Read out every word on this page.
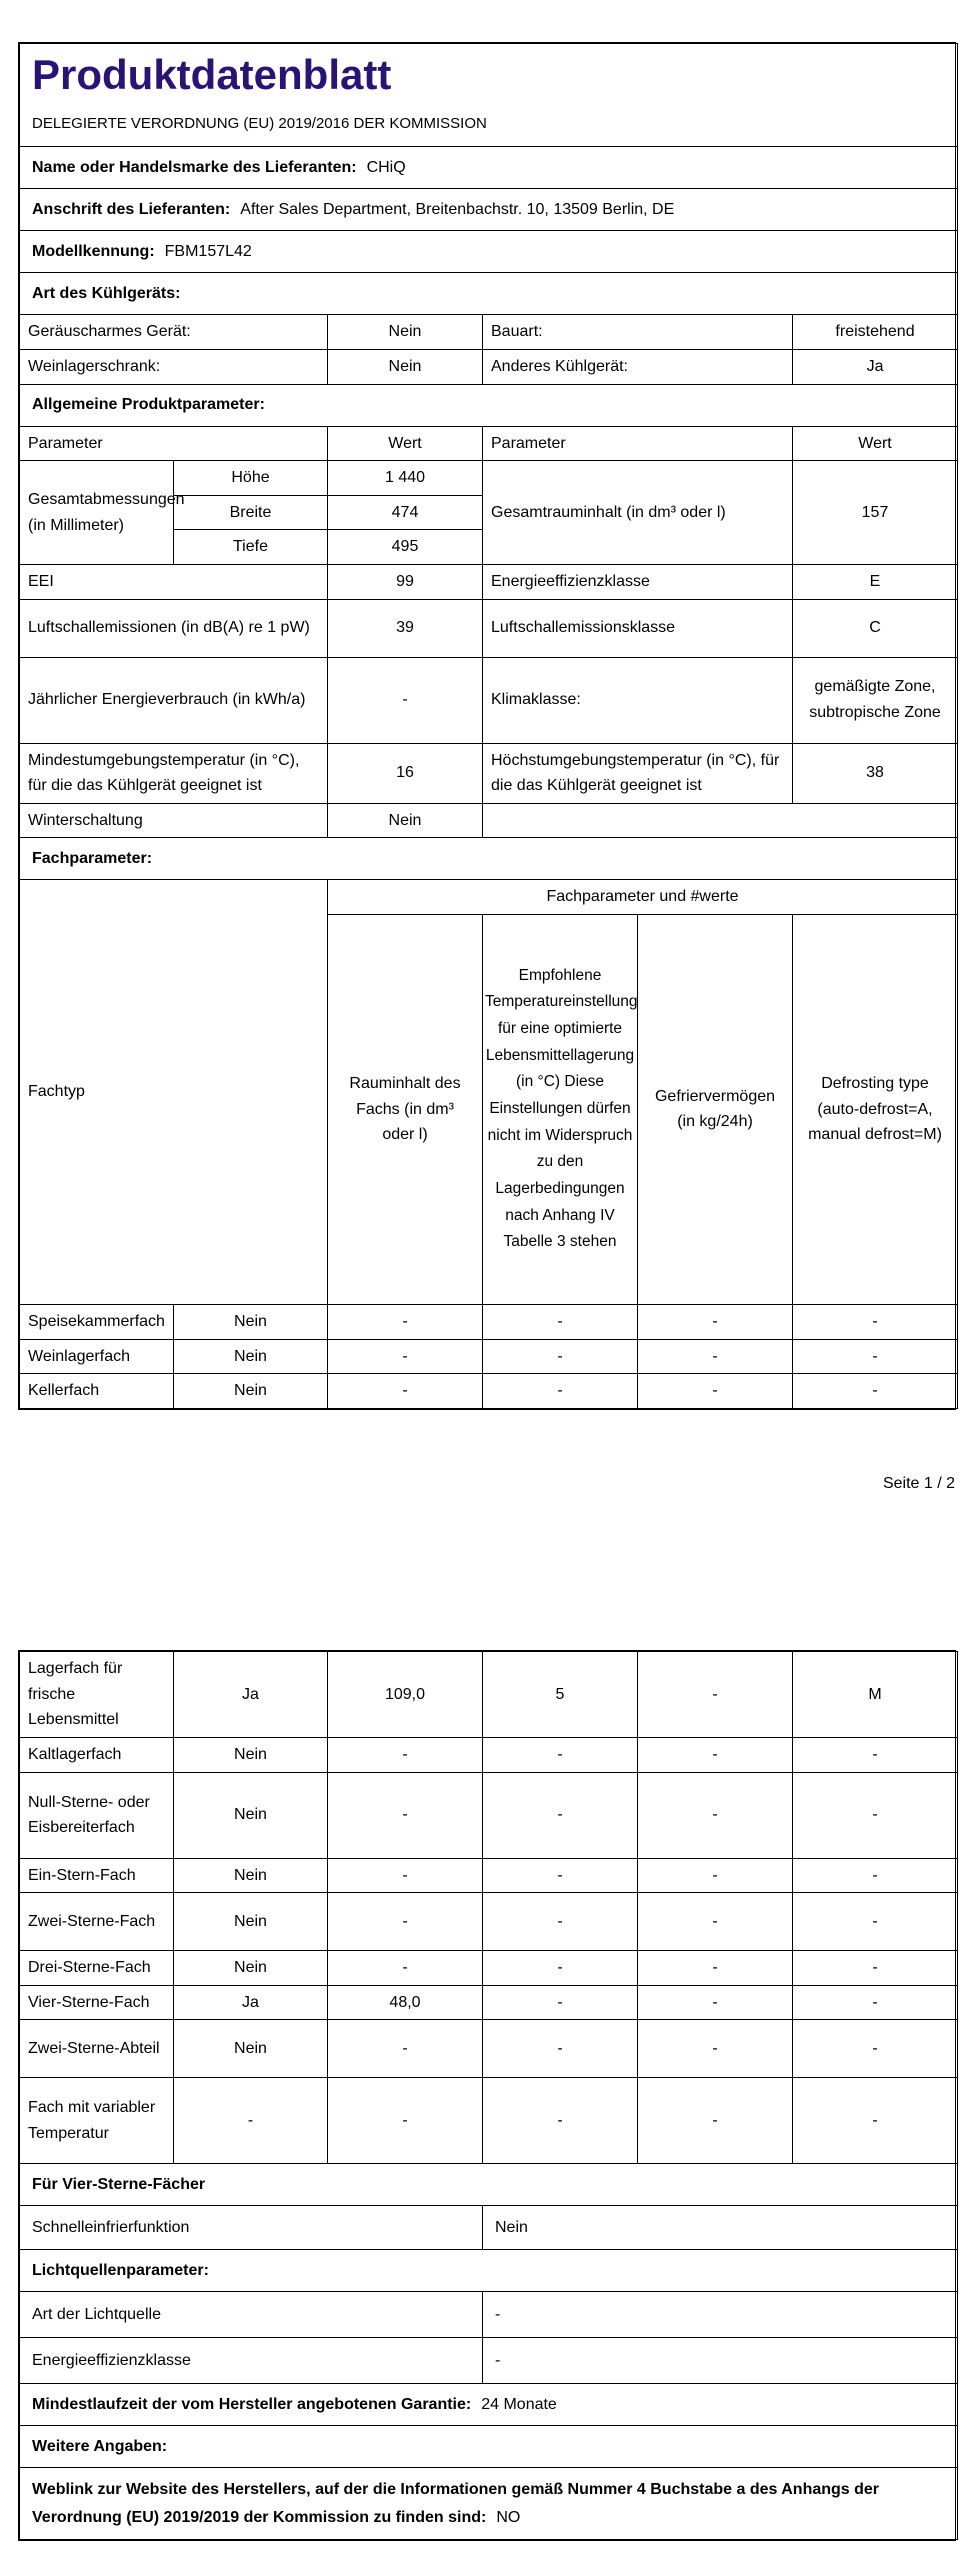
Produktdatenblatt
DELEGIERTE VERORDNUNG (EU) 2019/2016 DER KOMMISSION					

Name oder Handelsmarke des Lieferanten: CHiQ					
Anschrift des Lieferanten: After Sales Department, Breitenbachstr. 10, 13509 Berlin, DE					
Modellkennung: FBM157L42					
Art des Kühlgeräts:					
Geräuscharmes Gerät:		Nein	Bauart:		freistehend
Weinlagerschrank:		Nein	Anderes Kühlgerät:		Ja
Allgemeine Produktparameter:					
Parameter		Wert	Parameter		Wert
Gesamtabmessungen (in Millimeter)	Höhe	1 440	Gesamtrauminhalt (in dm³ oder l)		157
	Breite	474			
	Tiefe	495			
EEI		99	Energieeffizienzklasse		E
Luftschallemissionen (in dB(A) re 1 pW)		39	Luftschallemissionsklasse		C
Jährlicher Energieverbrauch (in kWh/a)		-	Klimaklasse:		gemäßigte Zone, subtropische Zone
Mindestumgebungstemperatur (in °C), für die das Kühlgerät geeignet ist		16	Höchstumgebungstemperatur (in °C), für die das Kühlgerät geeignet ist		38
Winterschaltung		Nein			
Fachparameter:					
Fachtyp		Fachparameter und #werte			
		Rauminhalt des Fachs (in dm³ oder l)	Empfohlene Temperatureinstellung für eine optimierte Lebensmittellagerung (in °C) Diese Einstellungen dürfen nicht im Widerspruch zu den Lagerbedingungen nach Anhang IV Tabelle 3 stehen	Gefriervermögen (in kg/24h)	Defrosting type (auto-defrost=A, manual defrost=M)
Speisekammerfach	Nein	-	-	-	-
Weinlagerfach	Nein	-	-	-	-
Kellerfach	Nein	-	-	-	-
Seite 1 / 2
Lagerfach für frische Lebensmittel	Ja	109,0	5	-	M
Kaltlagerfach	Nein	-	-	-	-
Null-Sterne- oder Eisbereiterfach	Nein	-	-	-	-
Ein-Stern-Fach	Nein	-	-	-	-
Zwei-Sterne-Fach	Nein	-	-	-	-
Drei-Sterne-Fach	Nein	-	-	-	-
Vier-Sterne-Fach	Ja	48,0	-	-	-
Zwei-Sterne-Abteil	Nein	-	-	-	-
Fach mit variabler Temperatur	-	-	-	-	-
Für Vier-Sterne-Fächer					
Schnelleinfrierfunktion			Nein		
Lichtquellenparameter:					
Art der Lichtquelle			-		
Energieeffizienzklasse			-		
Mindestlaufzeit der vom Hersteller angebotenen Garantie: 24 Monate					
Weitere Angaben:					
Weblink zur Website des Herstellers, auf der die Informationen gemäß Nummer 4 Buchstabe a des Anhangs der Verordnung (EU) 2019/2019 der Kommission zu finden sind: NO					
